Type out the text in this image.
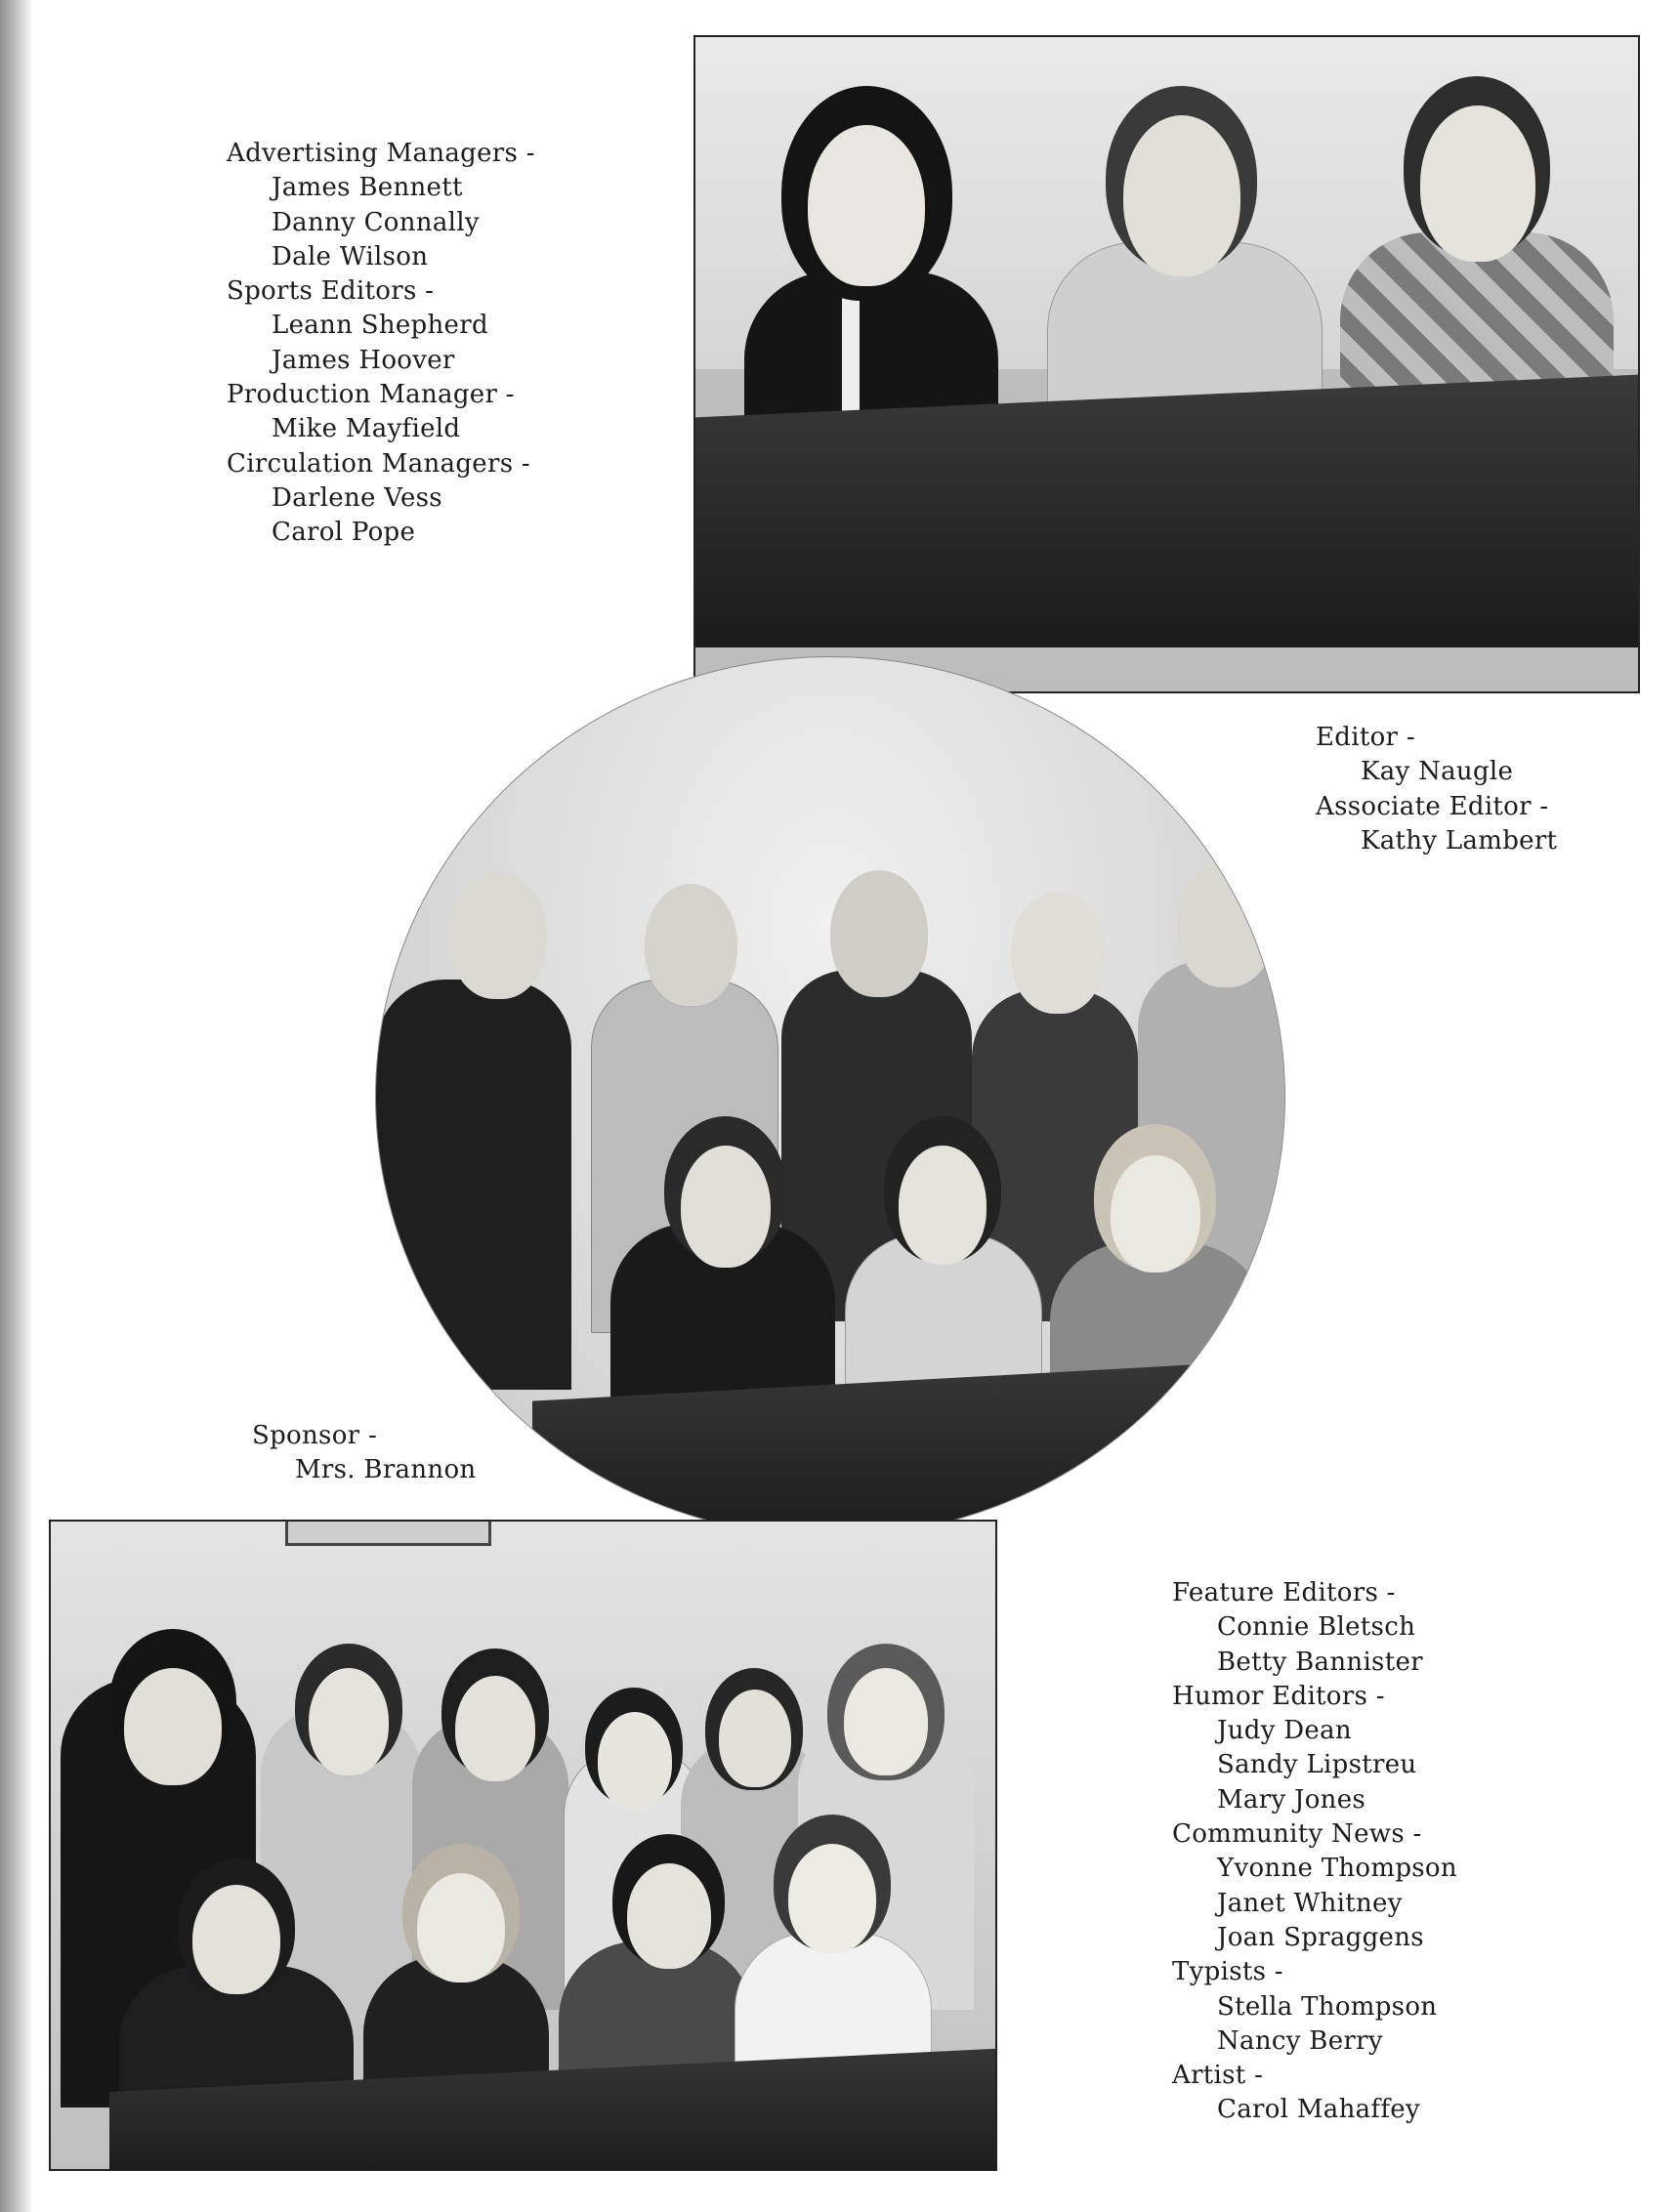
Advertising Managers -
James Bennett
Danny Connally
Dale Wilson
Sports Editors -
Leann Shepherd
James Hoover
Production Manager -
Mike Mayfield
Circulation Managers -
Darlene Vess
Carol Pope
Editor -
Kay Naugle
Associate Editor -
Kathy Lambert
Sponsor -
Mrs. Brannon
Feature Editors -
Connie Bletsch
Betty Bannister
Humor Editors -
Judy Dean
Sandy Lipstreu
Mary Jones
Community News -
Yvonne Thompson
Janet Whitney
Joan Spraggens
Typists -
Stella Thompson
Nancy Berry
Artist -
Carol Mahaffey
